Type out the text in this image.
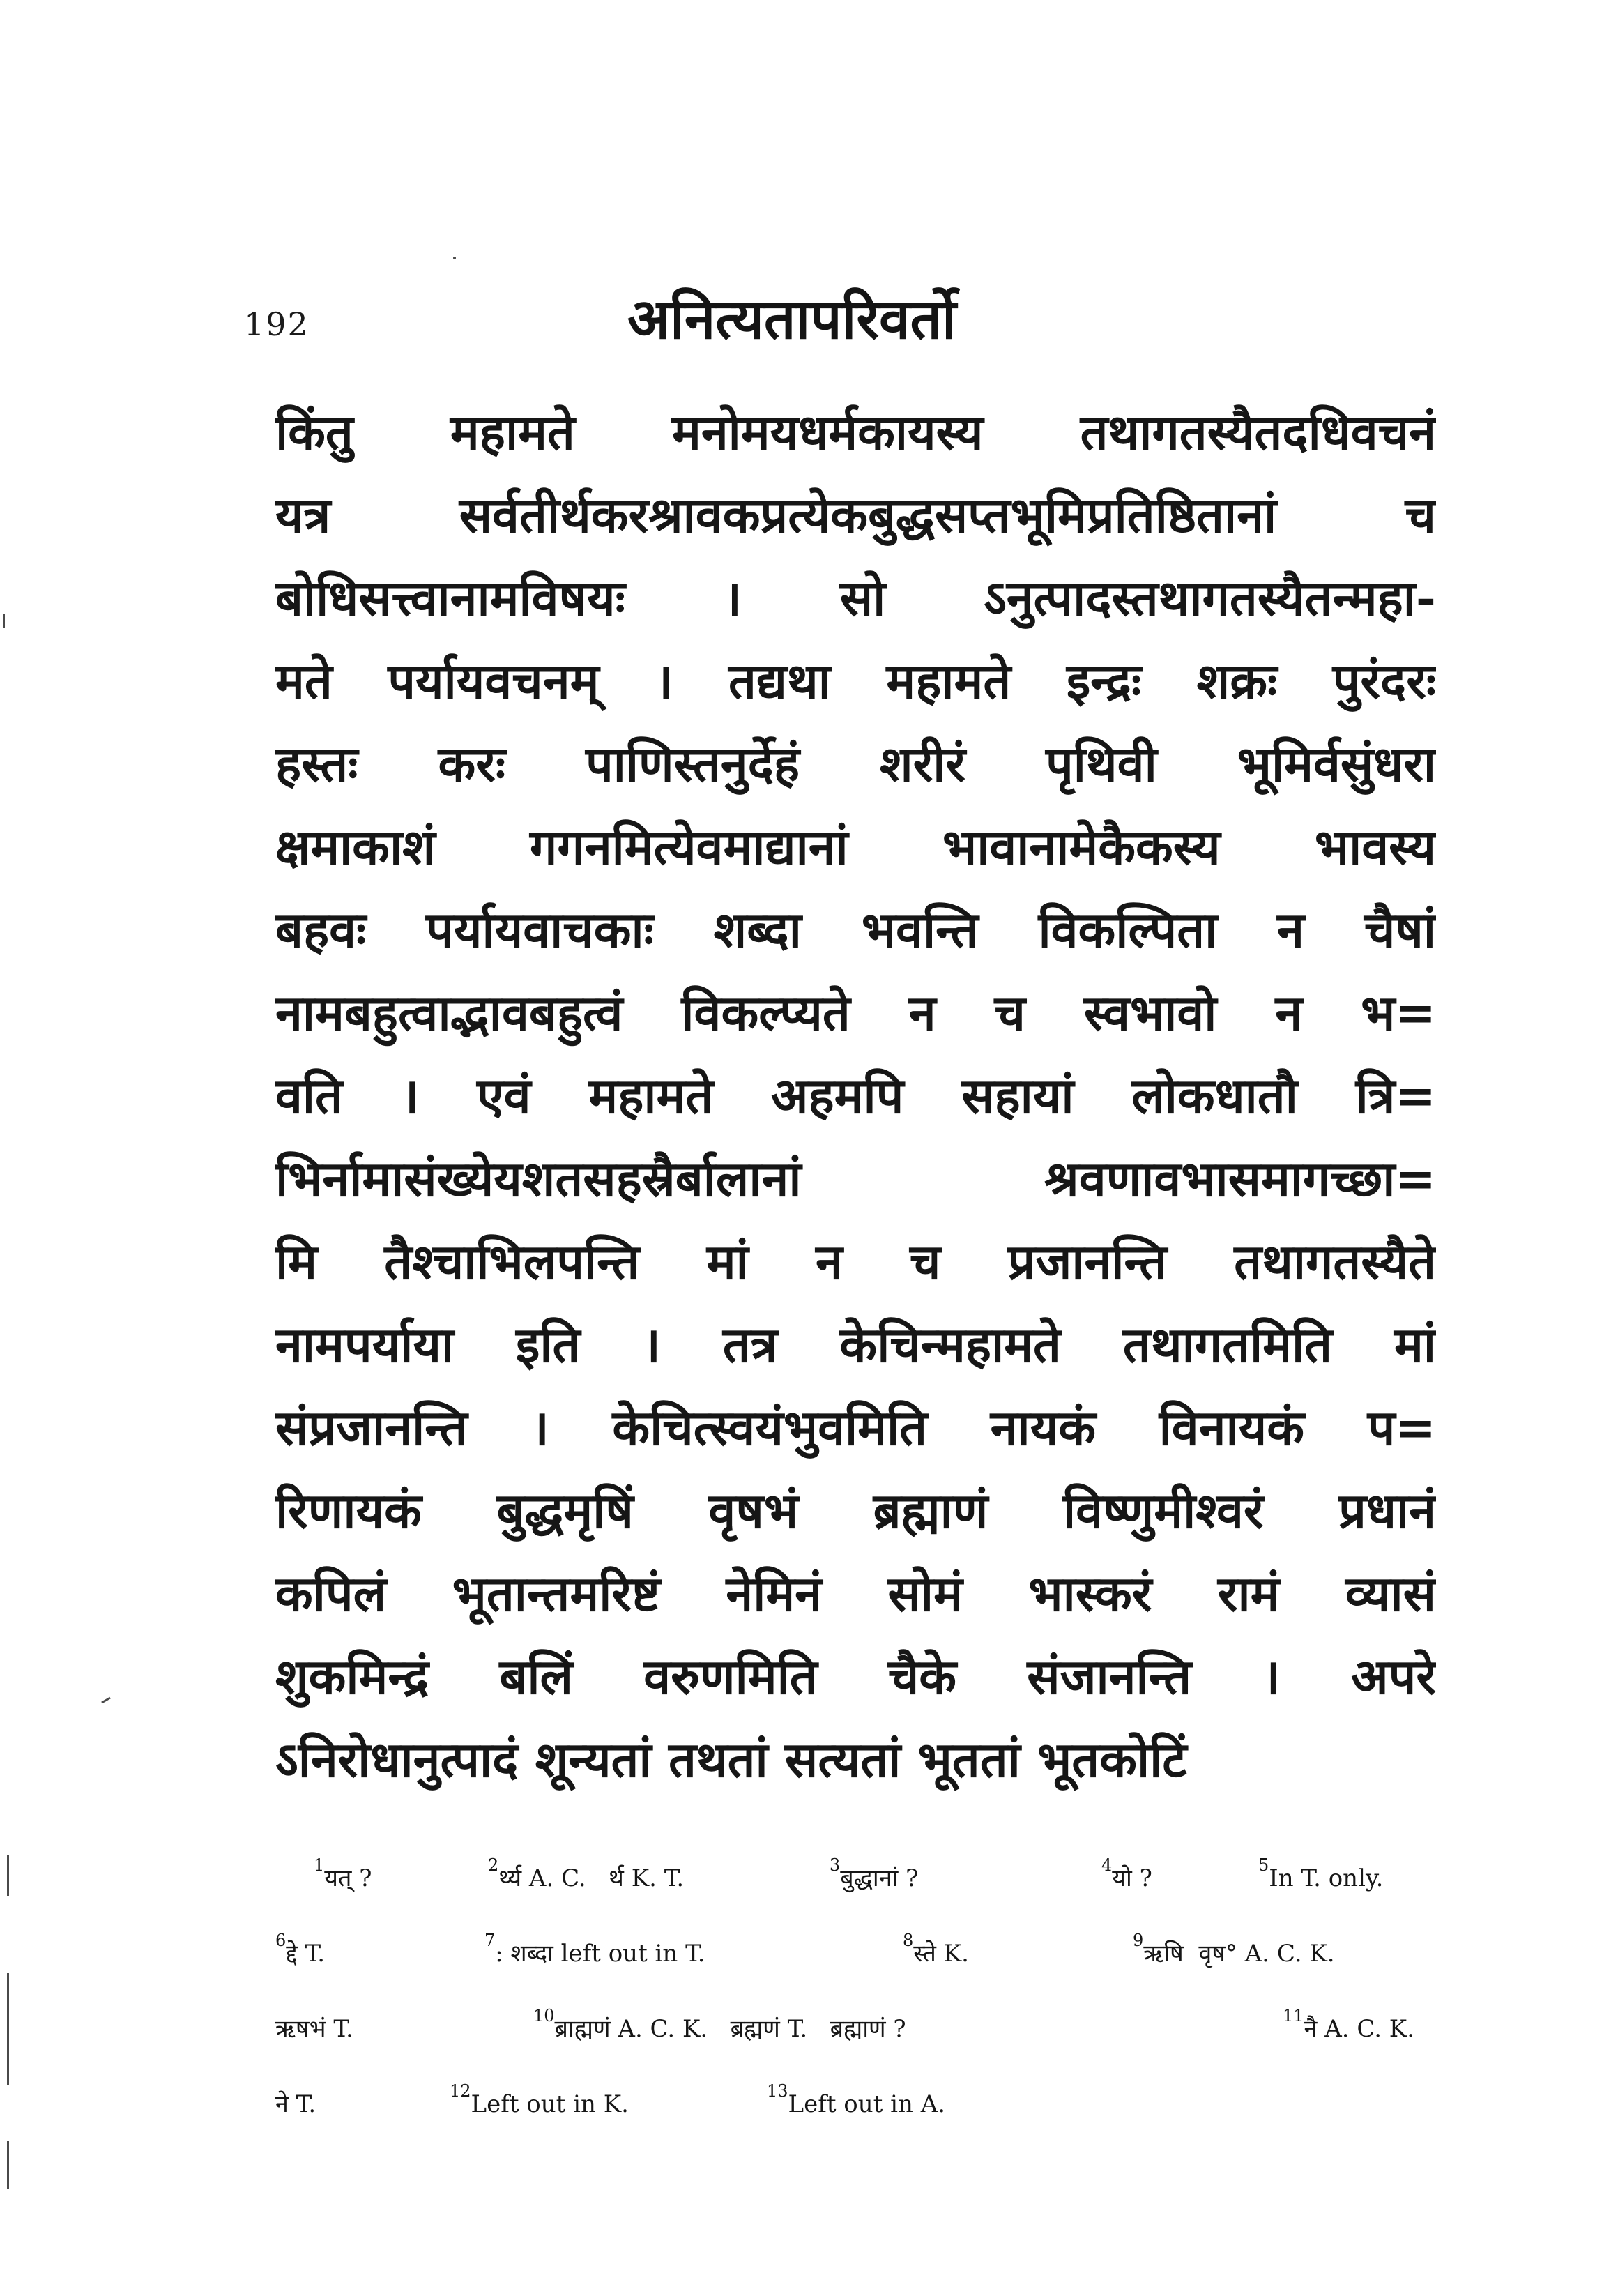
192	अनित्यतापरिवर्तो
किंतु महामते मनोमयधर्मकायस्य तथागतस्यैतदधिवचनं
यत्र सर्वतीर्थकरश्रावकप्रत्येकबुद्धसप्तभूमिप्रतिष्ठितानां च
बोधिसत्त्वानामविषयः । सो ऽनुत्पादस्तथागतस्यैतन्महा-
मते पर्यायवचनम् । तद्यथा महामते इन्द्रः शक्रः पुरंदरः
हस्तः करः पाणिस्तनुर्देहं शरीरं पृथिवी भूमिर्वसुंधरा
क्षमाकाशं गगनमित्येवमाद्यानां भावानामेकैकस्य भावस्य
बहवः पर्यायवाचकाः शब्दा भवन्ति विकल्पिता न चैषां
नामबहुत्वाद्भावबहुत्वं विकल्प्यते न च स्वभावो न भ=
वति । एवं महामते अहमपि सहायां लोकधातौ त्रि=
भिर्नामासंख्येयशतसहस्रैर्बालानां श्रवणावभासमागच्छा=
मि तैश्चाभिलपन्ति मां न च प्रजानन्ति तथागतस्यैते
नामपर्याया इति । तत्र केचिन्महामते तथागतमिति मां
संप्रजानन्ति । केचित्स्वयंभुवमिति नायकं विनायकं प=
रिणायकं बुद्धमृषिं वृषभं ब्रह्माणं विष्णुमीश्वरं प्रधानं
कपिलं भूतान्तमरिष्टं नेमिनं सोमं भास्करं रामं व्यासं
शुकमिन्द्रं बलिं वरुणमिति चैके संजानन्ति । अपरे
ऽनिरोधानुत्पादं शून्यतां तथतां सत्यतां भूततां भूतकोटिं
$^1$यत् ?	$^2$र्थ्य A. C. र्थ K. T.	$^3$बुद्धानां ?	$^4$यो ?	$^5$In T. only.
$^6$द्दे T.	$^7$: शब्दा left out in T.	$^8$स्ते K.	$^9$ऋषि वृष° A. C. K.
ऋषभं T.	$^{10}$ब्राह्मणं A. C. K. ब्रह्मणं T. ब्रह्माणं ?	$^{11}$नै A. C. K.
ने T.	$^{12}$Left out in K.	$^{13}$Left out in A.
